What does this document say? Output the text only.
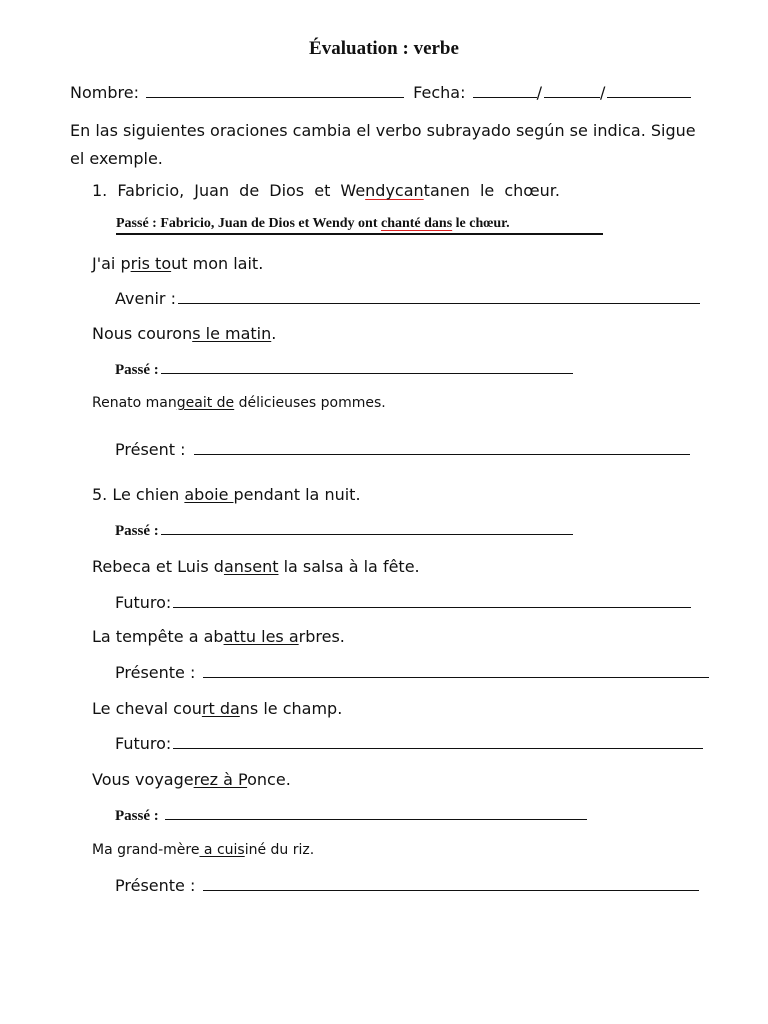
Évaluation : verbe
Nombre:	Fecha:	/	/
En las siguientes oraciones cambia el verbo subrayado según se indica. Sigue el exemple.
1. Fabricio, Juan de Dios et Wendycantanen le chœur.
Passé : Fabricio, Juan de Dios et Wendy ont chanté dans le chœur.
J'ai pris tout mon lait.
Avenir :
Nous courons le matin.
Passé :
Renato mangeait de délicieuses pommes.
Présent :
5. Le chien aboie pendant la nuit.
Passé :
Rebeca et Luis dansent la salsa à la fête.
Futuro:
La tempête a abattu les arbres.
Présente :
Le cheval court dans le champ.
Futuro:
Vous voyagerez à Ponce.
Passé :
Ma grand-mère a cuisiné du riz.
Présente :
